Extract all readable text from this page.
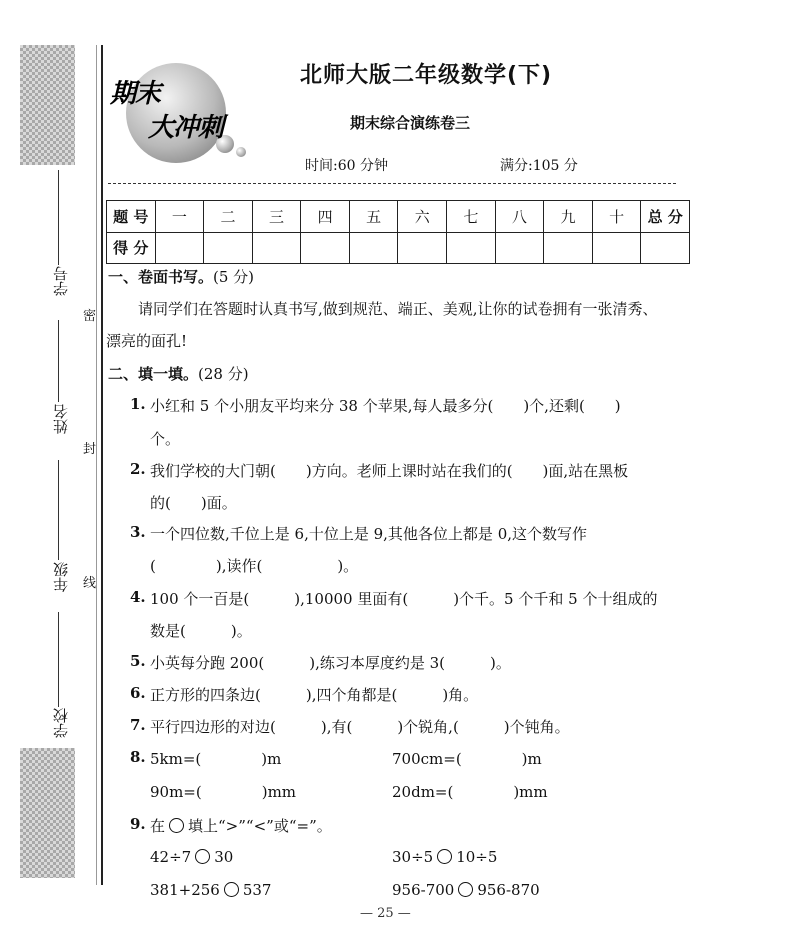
学号
姓名
年级
学校
密
封
线
期末
大冲刺
北师大版二年级数学(下)
期末综合演练卷三
时间:60 分钟	满分:105 分
题 号	一	二	三	四	五	六	七	八	九	十	总 分
得 分											
一、卷面书写。(5 分)
请同学们在答题时认真书写,做到规范、端正、美观,让你的试卷拥有一张清秀、
漂亮的面孔!
二、填一填。(28 分)
1. 小红和 5 个小朋友平均来分 38 个苹果,每人最多分(　　)个,还剩(　　)
个。
2. 我们学校的大门朝(　　)方向。老师上课时站在我们的(　　)面,站在黑板
的(　　)面。
3. 一个四位数,千位上是 6,十位上是 9,其他各位上都是 0,这个数写作
(　　　　),读作(　　　　　)。
4. 100 个一百是(　　　),10000 里面有(　　　)个千。5 个千和 5 个十组成的
数是(　　　)。
5. 小英每分跑 200(　　　),练习本厚度约是 3(　　　)。
6. 正方形的四条边(　　　),四个角都是(　　　)角。
7. 平行四边形的对边(　　　),有(　　　)个锐角,(　　　)个钝角。
8. 5km=(　　　　)m	700cm=(　　　　)m
90m=(　　　　)mm	20dm=(　　　　)mm
9. 在 填上“>”“<”或“=”。
42÷7 30	30÷5 10÷5
381+256 537	956-700 956-870
— 25 —
